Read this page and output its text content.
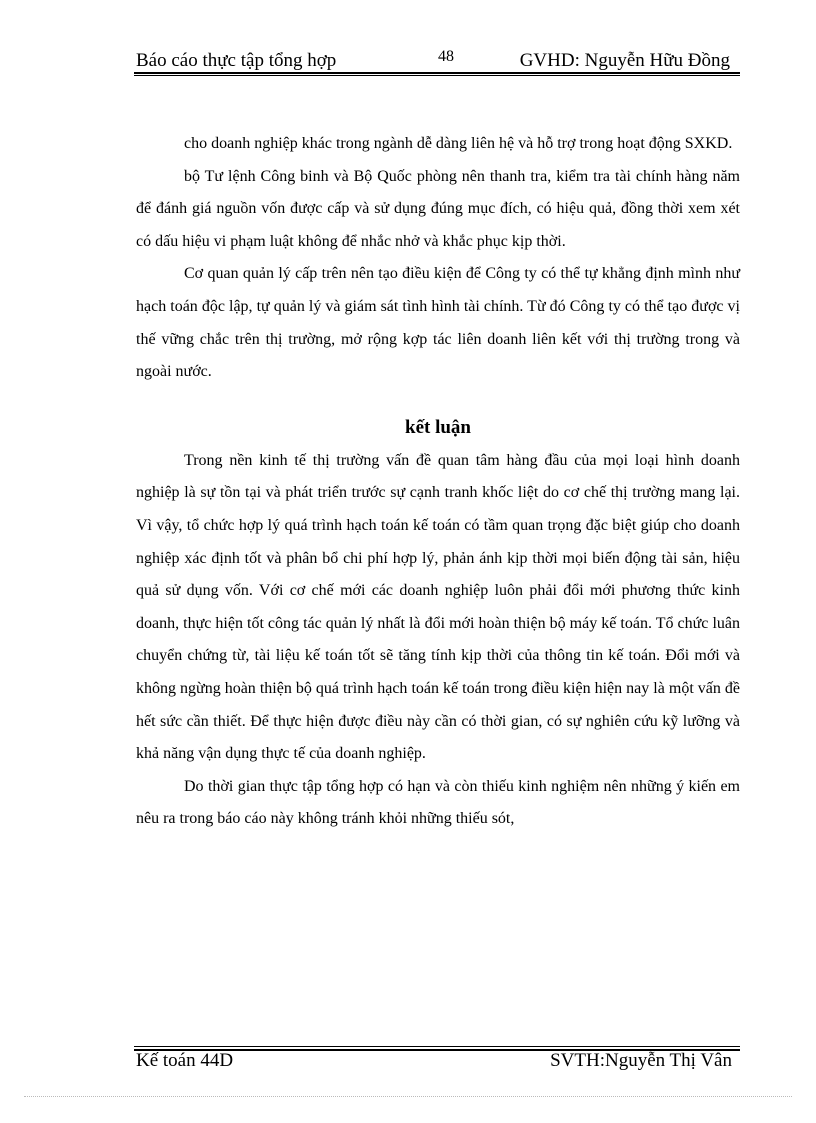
Báo cáo thực tập tổng hợp	48	GVHD: Nguyễn Hữu Đồng

cho doanh nghiệp khác trong ngành dễ dàng liên hệ và hỗ trợ trong hoạt động SXKD.

bộ Tư lệnh Công binh và Bộ Quốc phòng nên thanh tra, kiểm tra tài chính hàng năm để đánh giá nguồn vốn được cấp và sử dụng đúng mục đích, có hiệu quả, đồng thời xem xét có dấu hiệu vi phạm luật không để nhắc nhở và khắc phục kịp thời.

Cơ quan quản lý cấp trên nên tạo điều kiện để Công ty có thể tự khẳng định mình như hạch toán độc lập, tự quản lý và giám sát tình hình tài chính. Từ đó Công ty có thể tạo được vị thế vững chắc trên thị trường, mở rộng kợp tác liên doanh liên kết với thị trường trong và ngoài nước.

kết luận

Trong nền kinh tế thị trường vấn đề quan tâm hàng đầu của mọi loại hình doanh nghiệp là sự tồn tại và phát triển trước sự cạnh tranh khốc liệt do cơ chế thị trường mang lại. Vì vậy, tổ chức hợp lý quá trình hạch toán kế toán có tầm quan trọng đặc biệt giúp cho doanh nghiệp xác định tốt và phân bổ chi phí hợp lý, phản ánh kịp thời mọi biến động tài sản, hiệu quả sử dụng vốn. Với cơ chế mới các doanh nghiệp luôn phải đổi mới phương thức kinh doanh, thực hiện tốt công tác quản lý nhất là đổi mới hoàn thiện bộ máy kế toán. Tổ chức luân chuyển chứng từ, tài liệu kế toán tốt sẽ tăng tính kịp thời của thông tin kế toán. Đổi mới và không ngừng hoàn thiện bộ quá trình hạch toán kế toán trong điều kiện hiện nay là một vấn đề hết sức cần thiết. Để thực hiện được điều này cần có thời gian, có sự nghiên cứu kỹ lưỡng và khả năng vận dụng thực tế của doanh nghiệp.

Do thời gian thực tập tổng hợp có hạn và còn thiếu kinh nghiệm nên những ý kiến em nêu ra trong báo cáo này không tránh khỏi những thiếu sót,

Kế toán 44D	SVTH:Nguyễn Thị Vân
